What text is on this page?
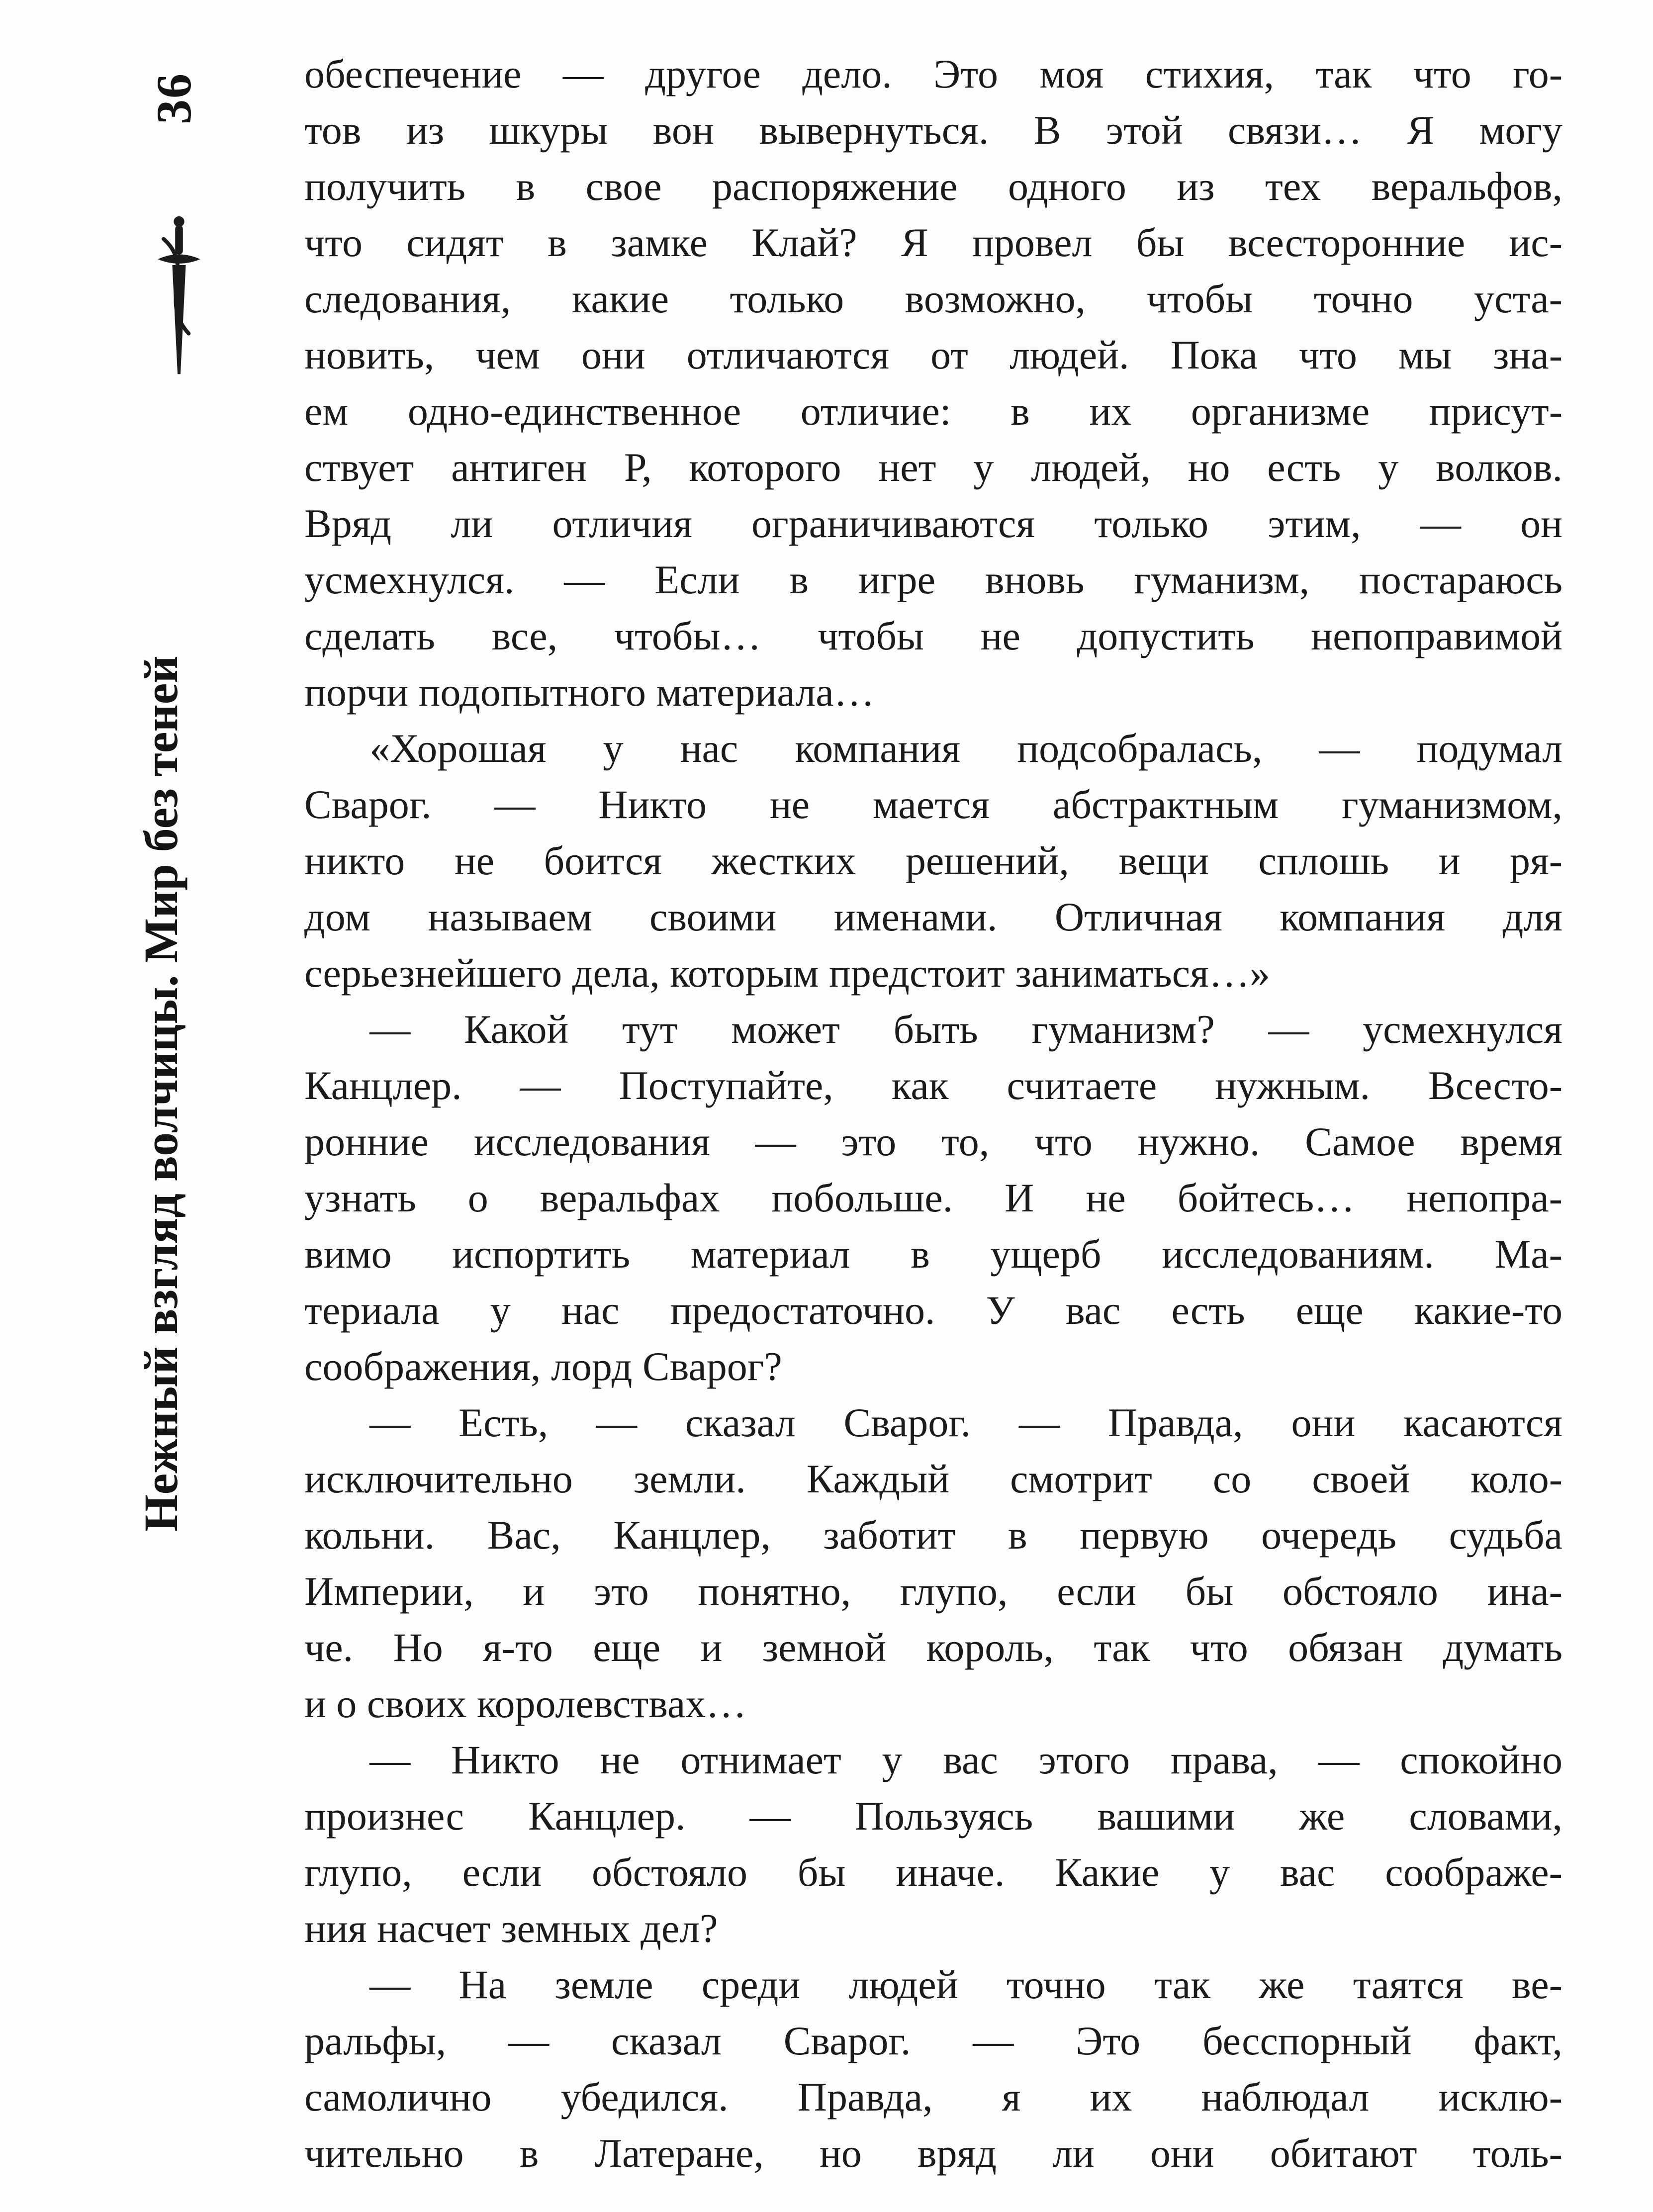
36
Нежный взгляд волчицы. Мир без теней

обеспечение — другое дело. Это моя стихия, так что го-
тов из шкуры вон вывернуться. В этой связи… Я могу
получить в свое распоряжение одного из тех веральфов,
что сидят в замке Клай? Я провел бы всесторонние ис-
следования, какие только возможно, чтобы точно уста-
новить, чем они отличаются от людей. Пока что мы зна-
ем одно-единственное отличие: в их организме присут-
ствует антиген Р, которого нет у людей, но есть у волков.
Вряд ли отличия ограничиваются только этим, — он
усмехнулся. — Если в игре вновь гуманизм, постараюсь
сделать все, чтобы… чтобы не допустить непоправимой
порчи подопытного материала…

«Хорошая у нас компания подсобралась, — подумал
Сварог. — Никто не мается абстрактным гуманизмом,
никто не боится жестких решений, вещи сплошь и ря-
дом называем своими именами. Отличная компания для
серьезнейшего дела, которым предстоит заниматься…»

— Какой тут может быть гуманизм? — усмехнулся
Канцлер. — Поступайте, как считаете нужным. Всесто-
ронние исследования — это то, что нужно. Самое время
узнать о веральфах побольше. И не бойтесь… непопра-
вимо испортить материал в ущерб исследованиям. Ма-
териала у нас предостаточно. У вас есть еще какие-то
соображения, лорд Сварог?

— Есть, — сказал Сварог. — Правда, они касаются
исключительно земли. Каждый смотрит со своей коло-
кольни. Вас, Канцлер, заботит в первую очередь судьба
Империи, и это понятно, глупо, если бы обстояло ина-
че. Но я-то еще и земной король, так что обязан думать
и о своих королевствах…

— Никто не отнимает у вас этого права, — спокойно
произнес Канцлер. — Пользуясь вашими же словами,
глупо, если обстояло бы иначе. Какие у вас соображе-
ния насчет земных дел?

— На земле среди людей точно так же таятся ве-
ральфы, — сказал Сварог. — Это бесспорный факт,
самолично убедился. Правда, я их наблюдал исклю-
чительно в Латеране, но вряд ли они обитают толь-
